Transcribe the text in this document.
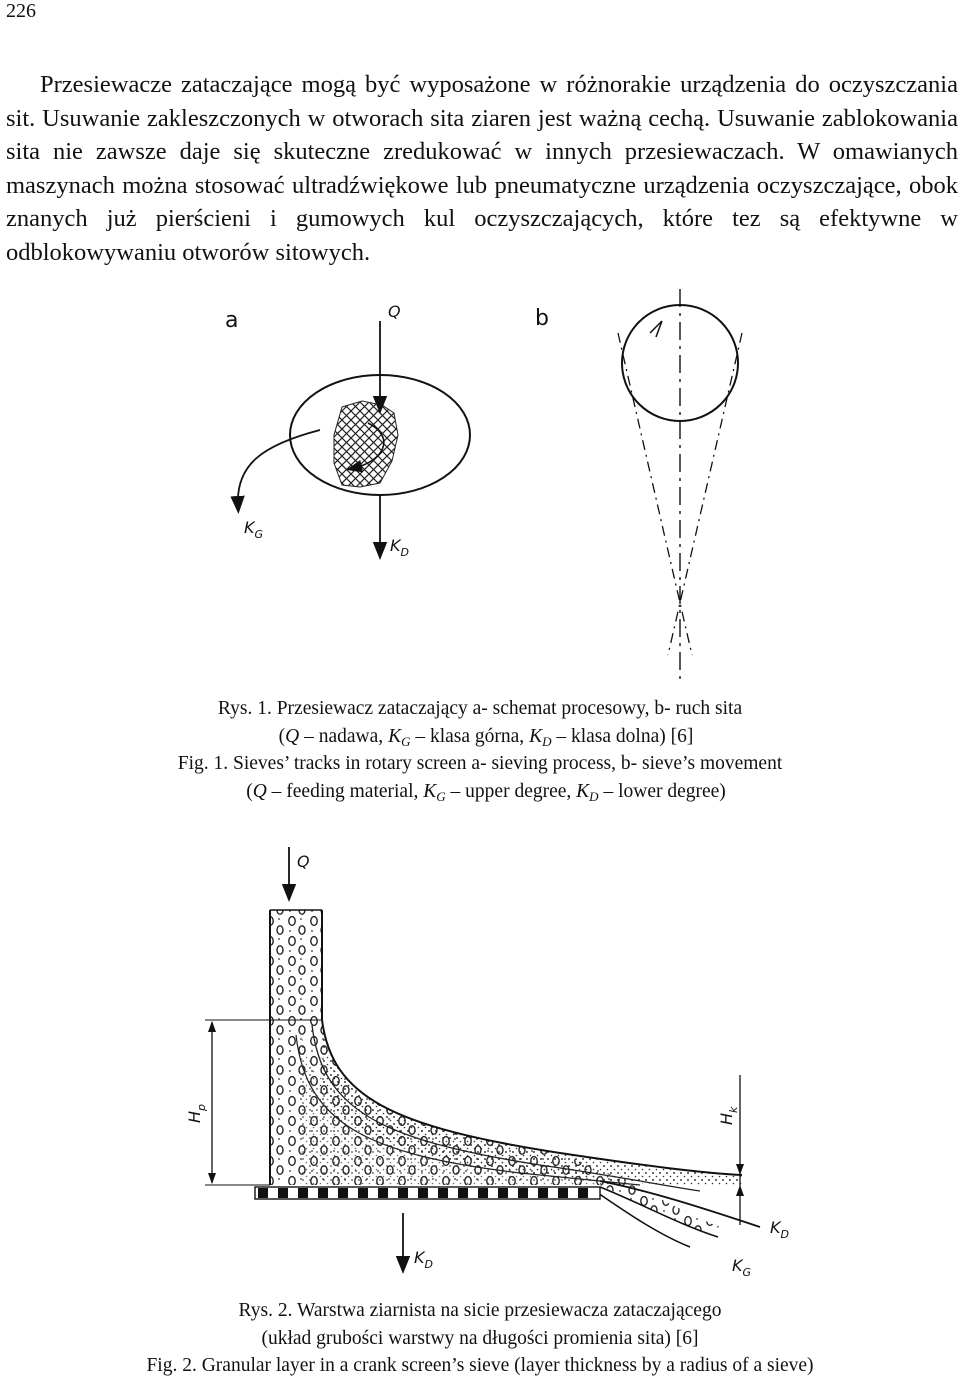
226
Przesiewacze zataczające mogą być wyposażone w różnorakie urządzenia do oczyszczania sit. Usuwanie zakleszczonych w otworach sita ziaren jest ważną cechą. Usuwanie zablokowania sita nie zawsze daje się skuteczne zredukować w innych przesiewaczach. W omawianych maszynach można stosować ultradźwiękowe lub pneumatyczne urządzenia oczyszczające, obok znanych już pierścieni i gumowych kul oczyszczających, które tez są efektywne w odblokowywaniu otworów sitowych.
a	Q
$K_G$
$K_D$
b
Rys. 1. Przesiewacz zataczający a- schemat procesowy, b- ruch sita
(Q – nadawa, $K_G$ – klasa górna, $K_D$ – klasa dolna) [6]
Fig. 1. Sieves’ tracks in rotary screen a- sieving process, b- sieve’s movement
(Q – feeding material, $K_G$ – upper degree, $K_D$ – lower degree)
Q
$H_p$
$H_k$
$K_D$
$K_D$
$K_G$
Rys. 2. Warstwa ziarnista na sicie przesiewacza zataczającego
(układ grubości warstwy na długości promienia sita) [6]
Fig. 2. Granular layer in a crank screen’s sieve (layer thickness by a radius of a sieve)
